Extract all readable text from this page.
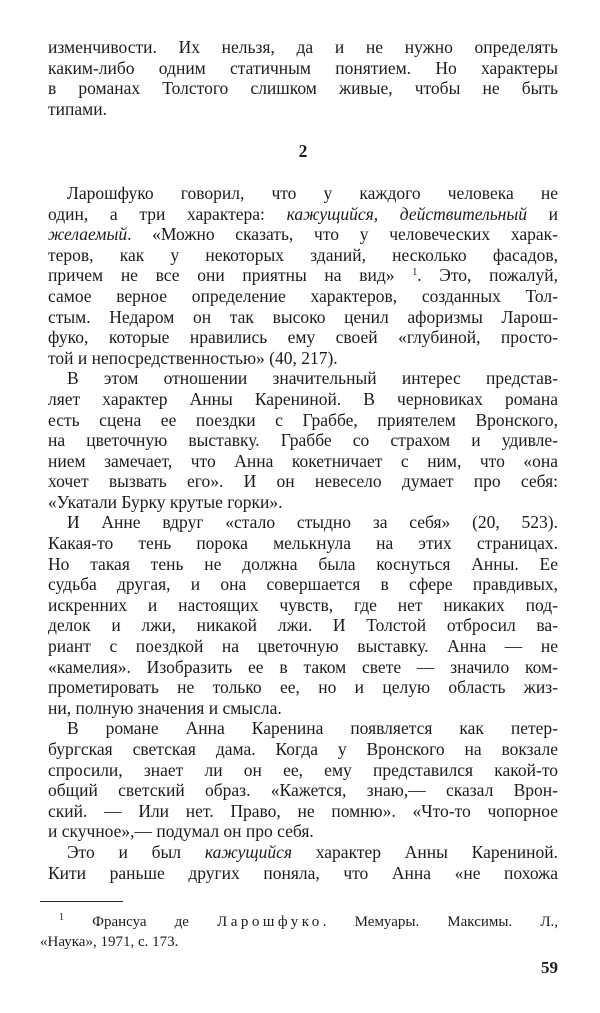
изменчивости. Их нельзя, да и не нужно определять
каким-либо одним статичным понятием. Но характеры
в романах Толстого слишком живые, чтобы не быть
типами.
2
Ларошфуко говорил, что у каждого человека не
один, а три характера: кажущийся, действительный и
желаемый. «Можно сказать, что у человеческих харак-
теров, как у некоторых зданий, несколько фасадов,
причем не все они приятны на вид» $^1$. Это, пожалуй,
самое верное определение характеров, созданных Тол-
стым. Недаром он так высоко ценил афоризмы Ларош-
фуко, которые нравились ему своей «глубиной, просто-
той и непосредственностью» (40, 217).
В этом отношении значительный интерес представ-
ляет характер Анны Карениной. В черновиках романа
есть сцена ее поездки с Граббе, приятелем Вронского,
на цветочную выставку. Граббе со страхом и удивле-
нием замечает, что Анна кокетничает с ним, что «она
хочет вызвать его». И он невесело думает про себя:
«Укатали Бурку крутые горки».
И Анне вдруг «стало стыдно за себя» (20, 523).
Какая-то тень порока мелькнула на этих страницах.
Но такая тень не должна была коснуться Анны. Ее
судьба другая, и она совершается в сфере правдивых,
искренних и настоящих чувств, где нет никаких под-
делок и лжи, никакой лжи. И Толстой отбросил ва-
риант с поездкой на цветочную выставку. Анна — не
«камелия». Изобразить ее в таком свете — значило ком-
прометировать не только ее, но и целую область жиз-
ни, полную значения и смысла.
В романе Анна Каренина появляется как петер-
бургская светская дама. Когда у Вронского на вокзале
спросили, знает ли он ее, ему представился какой-то
общий светский образ. «Кажется, знаю,— сказал Врон-
ский. — Или нет. Право, не помню». «Что-то чопорное
и скучное»,— подумал он про себя.
Это и был кажущийся характер Анны Карениной.
Кити раньше других поняла, что Анна «не похожа
$^1$ Франсуа де Ларошфуко. Мемуары. Максимы. Л.,
«Наука», 1971, с. 173.
59
